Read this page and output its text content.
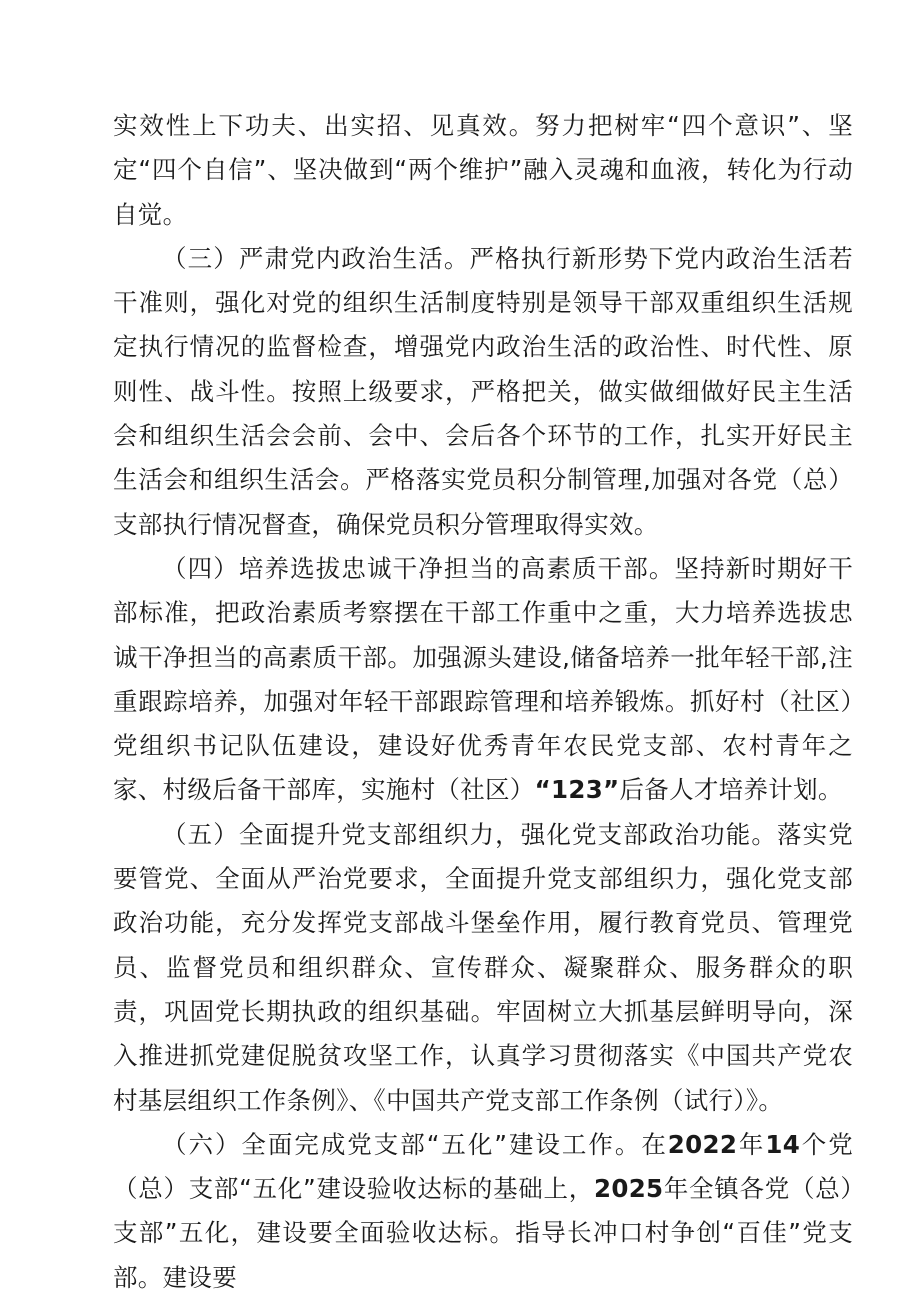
实效性上下功夫、出实招、见真效。努力把树牢“四个意识”、坚定“四个自信”、坚决做到“两个维护”融入灵魂和血液，转化为行动自觉。

（三）严肃党内政治生活。严格执行新形势下党内政治生活若干准则，强化对党的组织生活制度特别是领导干部双重组织生活规定执行情况的监督检查，增强党内政治生活的政治性、时代性、原则性、战斗性。按照上级要求，严格把关，做实做细做好民主生活会和组织生活会会前、会中、会后各个环节的工作，扎实开好民主生活会和组织生活会。严格落实党员积分制管理,加强对各党（总）支部执行情况督查，确保党员积分管理取得实效。

（四）培养选拔忠诚干净担当的高素质干部。坚持新时期好干部标准，把政治素质考察摆在干部工作重中之重，大力培养选拔忠诚干净担当的高素质干部。加强源头建设,储备培养一批年轻干部,注重跟踪培养，加强对年轻干部跟踪管理和培养锻炼。抓好村（社区）党组织书记队伍建设，建设好优秀青年农民党支部、农村青年之家、村级后备干部库，实施村（社区）“123”后备人才培养计划。

（五）全面提升党支部组织力，强化党支部政治功能。落实党要管党、全面从严治党要求，全面提升党支部组织力，强化党支部政治功能，充分发挥党支部战斗堡垒作用，履行教育党员、管理党员、监督党员和组织群众、宣传群众、凝聚群众、服务群众的职责，巩固党长期执政的组织基础。牢固树立大抓基层鲜明导向，深入推进抓党建促脱贫攻坚工作，认真学习贯彻落实《中国共产党农村基层组织工作条例》、《中国共产党支部工作条例（试行）》。

（六）全面完成党支部“五化”建设工作。在2022年14个党（总）支部“五化”建设验收达标的基础上，2025年全镇各党（总）支部”五化，建设要全面验收达标。指导长冲口村争创“百佳”党支部。建设要
